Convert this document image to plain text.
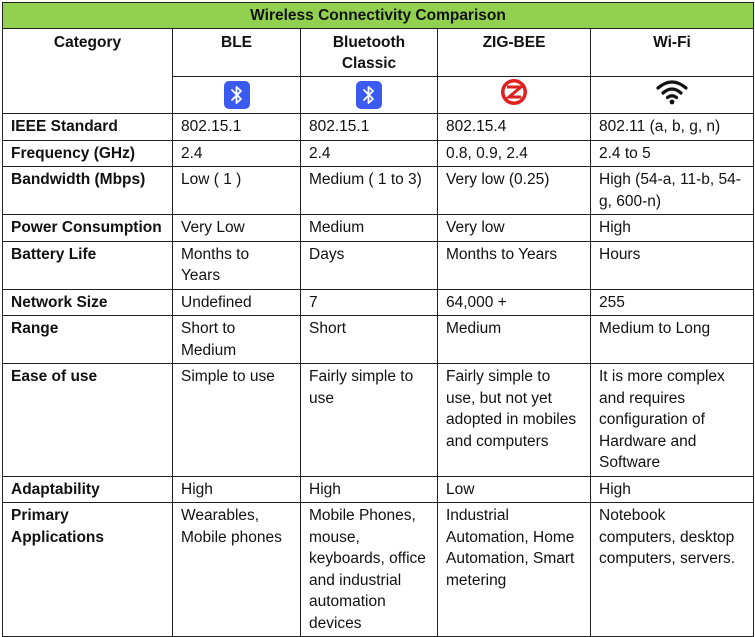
Wireless Connectivity Comparison				
Category	BLE	Bluetooth Classic	ZIG-BEE	Wi-Fi

IEEE Standard	802.15.1	802.15.1	802.15.4	802.11 (a, b, g, n)
Frequency (GHz)	2.4	2.4	0.8, 0.9, 2.4	2.4 to 5
Bandwidth (Mbps)	Low ( 1 )	Medium ( 1 to 3)	Very low (0.25)	High (54-a, 11-b, 54-g, 600-n)
Power Consumption	Very Low	Medium	Very low	High
Battery Life	Months to Years	Days	Months to Years	Hours
Network Size	Undefined	7	64,000 +	255
Range	Short to Medium	Short	Medium	Medium to Long
Ease of use	Simple to use	Fairly simple to use	Fairly simple to use, but not yet adopted in mobiles and computers	It is more complex and requires configuration of Hardware and Software
Adaptability	High	High	Low	High
Primary Applications	Wearables, Mobile phones	Mobile Phones, mouse, keyboards, office and industrial automation devices	Industrial Automation, Home Automation, Smart metering	Notebook computers, desktop computers, servers.
